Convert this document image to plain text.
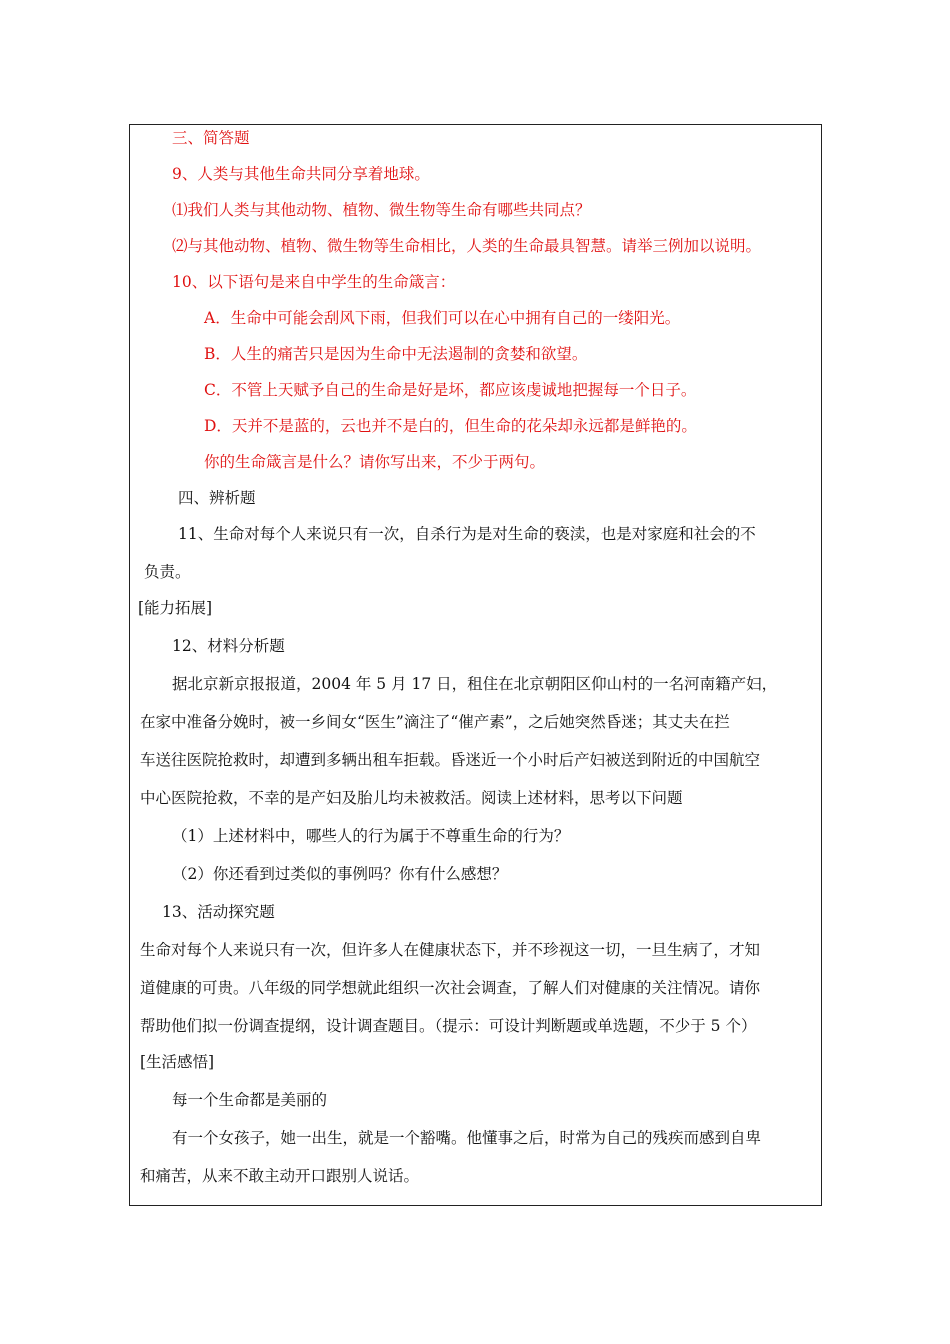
三、简答题
9、人类与其他生命共同分享着地球。
⑴我们人类与其他动物、植物、微生物等生命有哪些共同点？
⑵与其他动物、植物、微生物等生命相比，人类的生命最具智慧。请举三例加以说明。
10、以下语句是来自中学生的生命箴言：
A．生命中可能会刮风下雨，但我们可以在心中拥有自己的一缕阳光。
B．人生的痛苦只是因为生命中无法遏制的贪婪和欲望。
C．不管上天赋予自己的生命是好是坏，都应该虔诚地把握每一个日子。
D．天并不是蓝的，云也并不是白的，但生命的花朵却永远都是鲜艳的。
你的生命箴言是什么？请你写出来，不少于两句。
四、辨析题
11、生命对每个人来说只有一次，自杀行为是对生命的亵渎，也是对家庭和社会的不
负责。
[能力拓展]
12、材料分析题
据北京新京报报道，2004 年 5 月 17 日，租住在北京朝阳区仰山村的一名河南籍产妇，
在家中准备分娩时，被一乡间女“医生”滴注了“催产素”，之后她突然昏迷；其丈夫在拦
车送往医院抢救时，却遭到多辆出租车拒载。昏迷近一个小时后产妇被送到附近的中国航空
中心医院抢救，不幸的是产妇及胎儿均未被救活。阅读上述材料，思考以下问题
（1）上述材料中，哪些人的行为属于不尊重生命的行为？
（2）你还看到过类似的事例吗？你有什么感想？
13、活动探究题
生命对每个人来说只有一次，但许多人在健康状态下，并不珍视这一切，一旦生病了，才知
道健康的可贵。八年级的同学想就此组织一次社会调查，了解人们对健康的关注情况。请你
帮助他们拟一份调查提纲，设计调查题目。（提示：可设计判断题或单选题，不少于 5 个）
[生活感悟]
每一个生命都是美丽的
有一个女孩子，她一出生，就是一个豁嘴。他懂事之后，时常为自己的残疾而感到自卑
和痛苦，从来不敢主动开口跟别人说话。
